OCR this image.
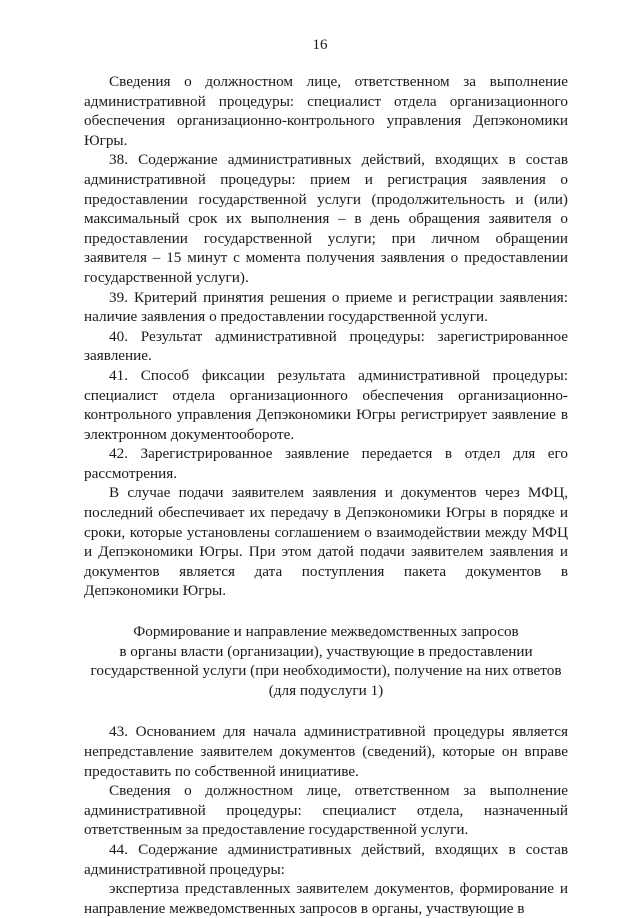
16

Сведения о должностном лице, ответственном за выполнение административной процедуры: специалист отдела организационного обеспечения организационно-контрольного управления Депэкономики Югры.

38. Содержание административных действий, входящих в состав административной процедуры: прием и регистрация заявления о предоставлении государственной услуги (продолжительность и (или) максимальный срок их выполнения – в день обращения заявителя о предоставлении государственной услуги; при личном обращении заявителя – 15 минут с момента получения заявления о предоставлении государственной услуги).

39. Критерий принятия решения о приеме и регистрации заявления: наличие заявления о предоставлении государственной услуги.

40. Результат административной процедуры: зарегистрированное заявление.

41. Способ фиксации результата административной процедуры: специалист отдела организационного обеспечения организационно-контрольного управления Депэкономики Югры регистрирует заявление в электронном документообороте.

42. Зарегистрированное заявление передается в отдел для его рассмотрения.

В случае подачи заявителем заявления и документов через МФЦ, последний обеспечивает их передачу в Депэкономики Югры в порядке и сроки, которые установлены соглашением о взаимодействии между МФЦ и Депэкономики Югры. При этом датой подачи заявителем заявления и документов является дата поступления пакета документов в Депэкономики Югры.

Формирование и направление межведомственных запросов
в органы власти (организации), участвующие в предоставлении
государственной услуги (при необходимости), получение на них ответов
(для подуслуги 1)

43. Основанием для начала административной процедуры является непредставление заявителем документов (сведений), которые он вправе предоставить по собственной инициативе.

Сведения о должностном лице, ответственном за выполнение административной процедуры: специалист отдела, назначенный ответственным за предоставление государственной услуги.

44. Содержание административных действий, входящих в состав административной процедуры:

экспертиза представленных заявителем документов, формирование и направление межведомственных запросов в органы, участвующие в
